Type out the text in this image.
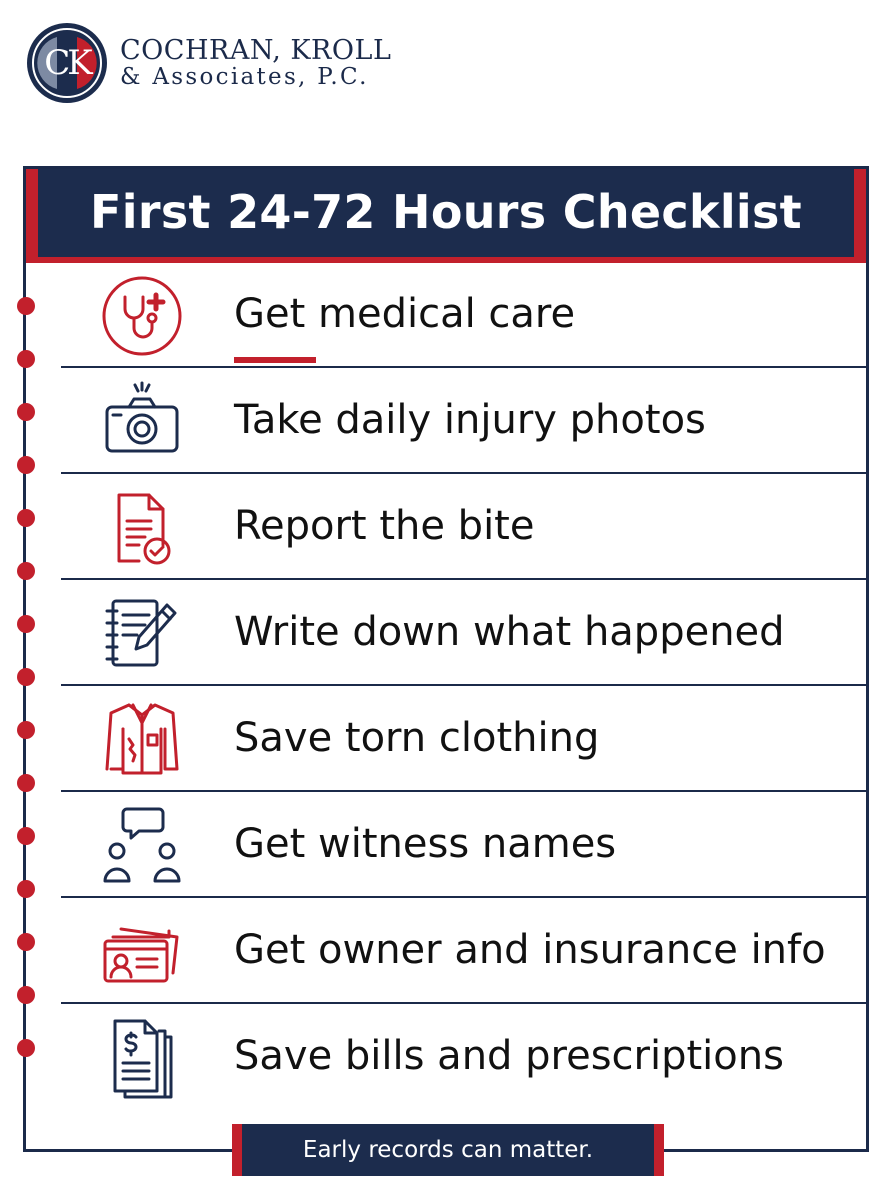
CK	COCHRAN, KROLL
& Associates, P.C.
First 24-72 Hours Checklist
Get medical care
Take daily injury photos
Report the bite
Write down what happened
Save torn clothing
Get witness names
Get owner and insurance info
Save bills and prescriptions
Early records can matter.
